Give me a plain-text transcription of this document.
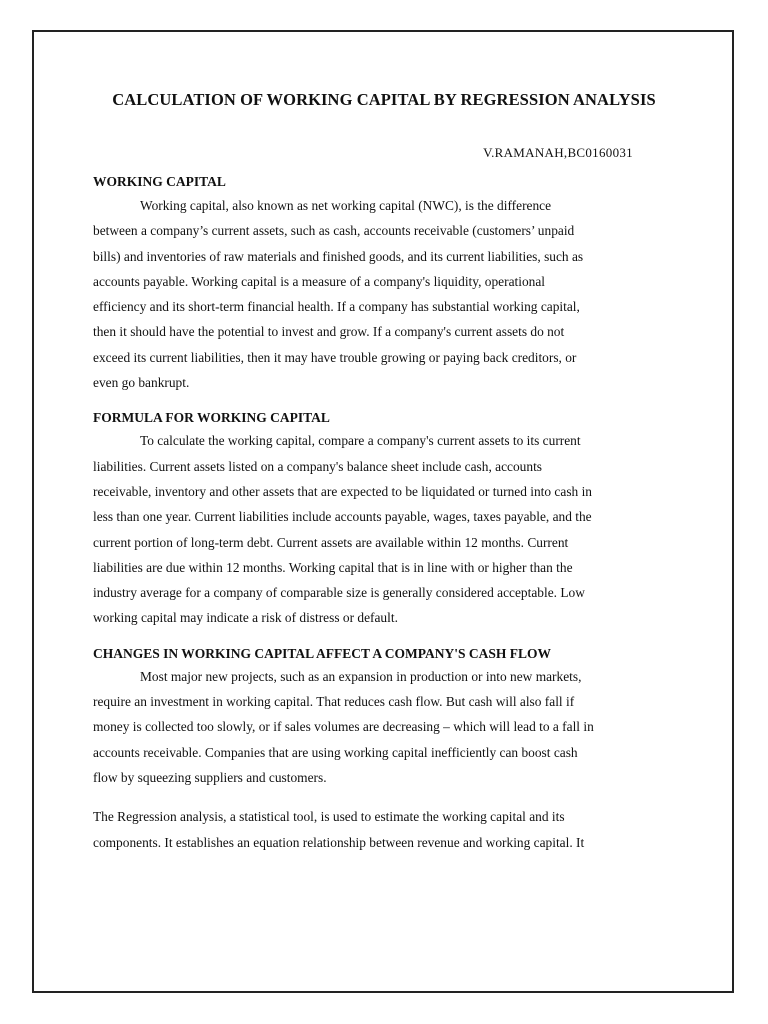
CALCULATION OF WORKING CAPITAL BY REGRESSION ANALYSIS
V.RAMANAH,BC0160031
WORKING CAPITAL
Working capital, also known as net working capital (NWC), is the difference
between a company’s current assets, such as cash, accounts receivable (customers’ unpaid
bills) and inventories of raw materials and finished goods, and its current liabilities, such as
accounts payable. Working capital is a measure of a company's liquidity, operational
efficiency and its short-term financial health. If a company has substantial working capital,
then it should have the potential to invest and grow. If a company's current assets do not
exceed its current liabilities, then it may have trouble growing or paying back creditors, or
even go bankrupt.
FORMULA FOR WORKING CAPITAL
To calculate the working capital, compare a company's current assets to its current
liabilities. Current assets listed on a company's balance sheet include cash, accounts
receivable, inventory and other assets that are expected to be liquidated or turned into cash in
less than one year. Current liabilities include accounts payable, wages, taxes payable, and the
current portion of long-term debt. Current assets are available within 12 months. Current
liabilities are due within 12 months. Working capital that is in line with or higher than the
industry average for a company of comparable size is generally considered acceptable. Low
working capital may indicate a risk of distress or default.
CHANGES IN WORKING CAPITAL AFFECT A COMPANY'S CASH FLOW
Most major new projects, such as an expansion in production or into new markets,
require an investment in working capital. That reduces cash flow. But cash will also fall if
money is collected too slowly, or if sales volumes are decreasing – which will lead to a fall in
accounts receivable. Companies that are using working capital inefficiently can boost cash
flow by squeezing suppliers and customers.
The Regression analysis, a statistical tool, is used to estimate the working capital and its
components. It establishes an equation relationship between revenue and working capital. It
